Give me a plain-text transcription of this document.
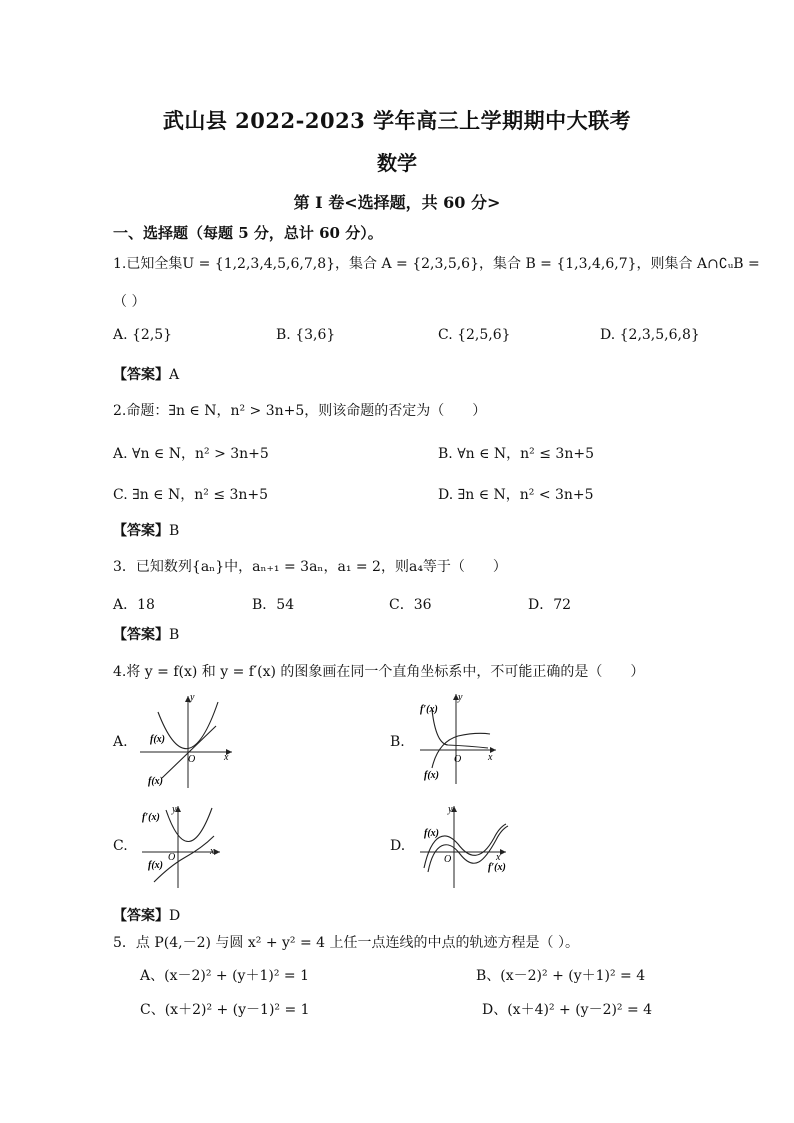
武山县 2022-2023 学年高三上学期期中大联考
数学
第 I 卷<选择题，共 60 分>
一、选择题（每题 5 分，总计 60 分）。
1.已知全集U = {1,2,3,4,5,6,7,8}，集合 A = {2,3,5,6}，集合 B = {1,3,4,6,7}，则集合 A∩∁ᵤB =
（ ）
A. {2,5}	B. {3,6}	C. {2,5,6}	D. {2,3,5,6,8}
【答案】A
2.命题：∃n ∈ N，n² > 3n+5，则该命题的否定为（　　）
A. ∀n ∈ N，n² > 3n+5	B. ∀n ∈ N，n² ≤ 3n+5
C. ∃n ∈ N，n² ≤ 3n+5	D. ∃n ∈ N，n² < 3n+5
【答案】B
3．已知数列{aₙ}中，aₙ₊₁ = 3aₙ，a₁ = 2，则a₄等于（　　）
A．18	B．54	C．36	D．72
【答案】B
4.将 y = f(x) 和 y = f′(x) 的图象画在同一个直角坐标系中，不可能正确的是（　　）
A.	B.
C.	D.
f(x)
f(x)
O	x
y
f′(x)
f(x)
O	x
y
f′(x)
f(x)
O
x
y
f(x)
f′(x)
O	x
y
【答案】D
5．点 P(4,－2) 与圆 x² + y² = 4 上任一点连线的中点的轨迹方程是（ ）。
A、(x－2)² + (y＋1)² = 1	B、(x－2)² + (y＋1)² = 4
C、(x＋2)² + (y－1)² = 1	D、(x＋4)² + (y－2)² = 4
